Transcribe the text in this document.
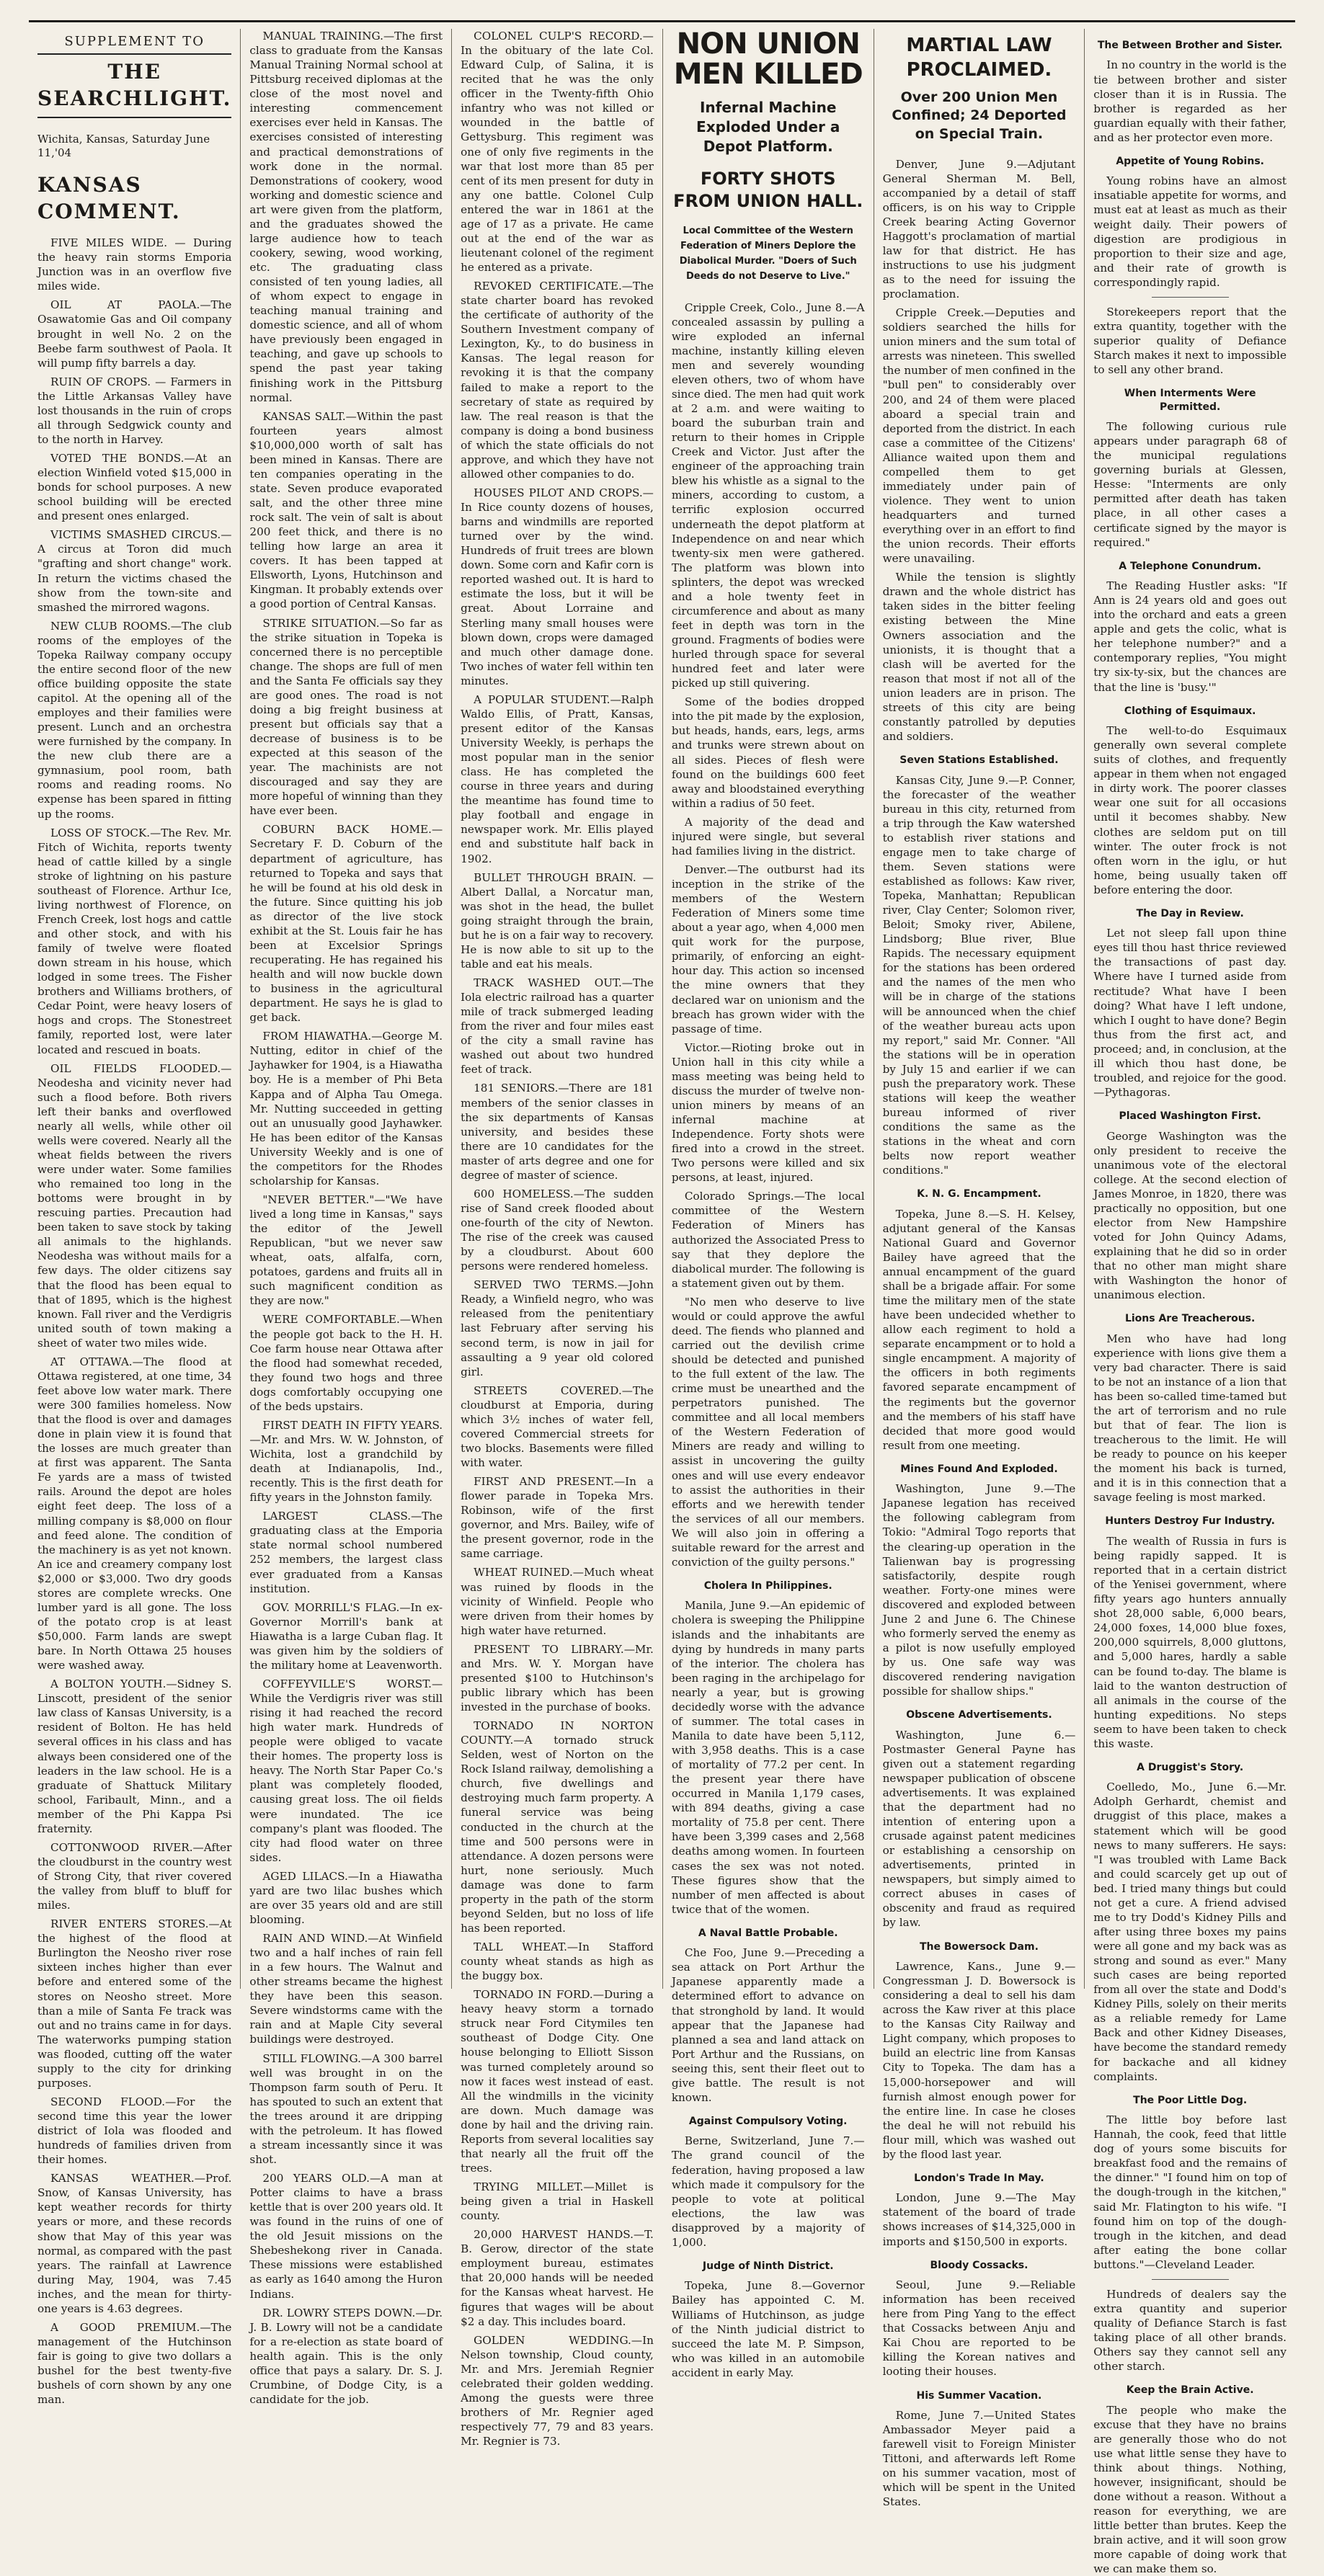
SUPPLEMENT TO
THE SEARCHLIGHT.
Wichita, Kansas, Saturday June 11,'04
KANSAS COMMENT.

FIVE MILES WIDE. — During the heavy rain storms Emporia Junction was in an overflow five miles wide.

OIL AT PAOLA.—The Osawatomie Gas and Oil company brought in well No. 2 on the Beebe farm southwest of Paola. It will pump fifty barrels a day.

RUIN OF CROPS. — Farmers in the Little Arkansas Valley have lost thousands in the ruin of crops all through Sedgwick county and to the north in Harvey.

VOTED THE BONDS.—At an election Winfield voted $15,000 in bonds for school purposes. A new school building will be erected and present ones enlarged.

VICTIMS SMASHED CIRCUS.—A circus at Toron did much "grafting and short change" work. In return the victims chased the show from the town-site and smashed the mirrored wagons.

NEW CLUB ROOMS.—The club rooms of the employes of the Topeka Railway company occupy the entire second floor of the new office building opposite the state capitol. At the opening all of the employes and their families were present. Lunch and an orchestra were furnished by the company. In the new club there are a gymnasium, pool room, bath rooms and reading rooms. No expense has been spared in fitting up the rooms.

LOSS OF STOCK.—The Rev. Mr. Fitch of Wichita, reports twenty head of cattle killed by a single stroke of lightning on his pasture southeast of Florence. Arthur Ice, living northwest of Florence, on French Creek, lost hogs and cattle and other stock, and with his family of twelve were floated down stream in his house, which lodged in some trees. The Fisher brothers and Williams brothers, of Cedar Point, were heavy losers of hogs and crops. The Stonestreet family, reported lost, were later located and rescued in boats.

OIL FIELDS FLOODED.—Neodesha and vicinity never had such a flood before. Both rivers left their banks and overflowed nearly all wells, while other oil wells were covered. Nearly all the wheat fields between the rivers were under water. Some families who remained too long in the bottoms were brought in by rescuing parties. Precaution had been taken to save stock by taking all animals to the highlands. Neodesha was without mails for a few days. The older citizens say that the flood has been equal to that of 1895, which is the highest known. Fall river and the Verdigris united south of town making a sheet of water two miles wide.

AT OTTAWA.—The flood at Ottawa registered, at one time, 34 feet above low water mark. There were 300 families homeless. Now that the flood is over and damages done in plain view it is found that the losses are much greater than at first was apparent. The Santa Fe yards are a mass of twisted rails. Around the depot are holes eight feet deep. The loss of a milling company is $8,000 on flour and feed alone. The condition of the machinery is as yet not known. An ice and creamery company lost $2,000 or $3,000. Two dry goods stores are complete wrecks. One lumber yard is all gone. The loss of the potato crop is at least $50,000. Farm lands are swept bare. In North Ottawa 25 houses were washed away.

A BOLTON YOUTH.—Sidney S. Linscott, president of the senior law class of Kansas University, is a resident of Bolton. He has held several offices in his class and has always been considered one of the leaders in the law school. He is a graduate of Shattuck Military school, Faribault, Minn., and a member of the Phi Kappa Psi fraternity.

COTTONWOOD RIVER.—After the cloudburst in the country west of Strong City, that river covered the valley from bluff to bluff for miles.

RIVER ENTERS STORES.—At the highest of the flood at Burlington the Neosho river rose sixteen inches higher than ever before and entered some of the stores on Neosho street. More than a mile of Santa Fe track was out and no trains came in for days. The waterworks pumping station was flooded, cutting off the water supply to the city for drinking purposes.

SECOND FLOOD.—For the second time this year the lower district of Iola was flooded and hundreds of families driven from their homes.

KANSAS WEATHER.—Prof. Snow, of Kansas University, has kept weather records for thirty years or more, and these records show that May of this year was normal, as compared with the past years. The rainfall at Lawrence during May, 1904, was 7.45 inches, and the mean for thirty-one years is 4.63 degrees.

A GOOD PREMIUM.—The management of the Hutchinson fair is going to give two dollars a bushel for the best twenty-five bushels of corn shown by any one man.

MANUAL TRAINING.—The first class to graduate from the Kansas Manual Training Normal school at Pittsburg received diplomas at the close of the most novel and interesting commencement exercises ever held in Kansas. The exercises consisted of interesting and practical demonstrations of work done in the normal. Demonstrations of cookery, wood working and domestic science and art were given from the platform, and the graduates showed the large audience how to teach cookery, sewing, wood working, etc. The graduating class consisted of ten young ladies, all of whom expect to engage in teaching manual training and domestic science, and all of whom have previously been engaged in teaching, and gave up schools to spend the past year taking finishing work in the Pittsburg normal.

KANSAS SALT.—Within the past fourteen years almost $10,000,000 worth of salt has been mined in Kansas. There are ten companies operating in the state. Seven produce evaporated salt, and the other three mine rock salt. The vein of salt is about 200 feet thick, and there is no telling how large an area it covers. It has been tapped at Ellsworth, Lyons, Hutchinson and Kingman. It probably extends over a good portion of Central Kansas.

STRIKE SITUATION.—So far as the strike situation in Topeka is concerned there is no perceptible change. The shops are full of men and the Santa Fe officials say they are good ones. The road is not doing a big freight business at present but officials say that a decrease of business is to be expected at this season of the year. The machinists are not discouraged and say they are more hopeful of winning than they have ever been.

COBURN BACK HOME.—Secretary F. D. Coburn of the department of agriculture, has returned to Topeka and says that he will be found at his old desk in the future. Since quitting his job as director of the live stock exhibit at the St. Louis fair he has been at Excelsior Springs recuperating. He has regained his health and will now buckle down to business in the agricultural department. He says he is glad to get back.

FROM HIAWATHA.—George M. Nutting, editor in chief of the Jayhawker for 1904, is a Hiawatha boy. He is a member of Phi Beta Kappa and of Alpha Tau Omega. Mr. Nutting succeeded in getting out an unusually good Jayhawker. He has been editor of the Kansas University Weekly and is one of the competitors for the Rhodes scholarship for Kansas.

"NEVER BETTER."—"We have lived a long time in Kansas," says the editor of the Jewell Republican, "but we never saw wheat, oats, alfalfa, corn, potatoes, gardens and fruits all in such magnificent condition as they are now."

WERE COMFORTABLE.—When the people got back to the H. H. Coe farm house near Ottawa after the flood had somewhat receded, they found two hogs and three dogs comfortably occupying one of the beds upstairs.

FIRST DEATH IN FIFTY YEARS.—Mr. and Mrs. W. W. Johnston, of Wichita, lost a grandchild by death at Indianapolis, Ind., recently. This is the first death for fifty years in the Johnston family.

LARGEST CLASS.—The graduating class at the Emporia state normal school numbered 252 members, the largest class ever graduated from a Kansas institution.

GOV. MORRILL'S FLAG.—In ex-Governor Morrill's bank at Hiawatha is a large Cuban flag. It was given him by the soldiers of the military home at Leavenworth.

COFFEYVILLE'S WORST.—While the Verdigris river was still rising it had reached the record high water mark. Hundreds of people were obliged to vacate their homes. The property loss is heavy. The North Star Paper Co.'s plant was completely flooded, causing great loss. The oil fields were inundated. The ice company's plant was flooded. The city had flood water on three sides.

AGED LILACS.—In a Hiawatha yard are two lilac bushes which are over 35 years old and are still blooming.

RAIN AND WIND.—At Winfield two and a half inches of rain fell in a few hours. The Walnut and other streams became the highest they have been this season. Severe windstorms came with the rain and at Maple City several buildings were destroyed.

STILL FLOWING.—A 300 barrel well was brought in on the Thompson farm south of Peru. It has spouted to such an extent that the trees around it are dripping with the petroleum. It has flowed a stream incessantly since it was shot.

200 YEARS OLD.—A man at Potter claims to have a brass kettle that is over 200 years old. It was found in the ruins of one of the old Jesuit missions on the Shebeshekong river in Canada. These missions were established as early as 1640 among the Huron Indians.

DR. LOWRY STEPS DOWN.—Dr. J. B. Lowry will not be a candidate for a re-election as state board of health again. This is the only office that pays a salary. Dr. S. J. Crumbine, of Dodge City, is a candidate for the job.

COLONEL CULP'S RECORD.—In the obituary of the late Col. Edward Culp, of Salina, it is recited that he was the only officer in the Twenty-fifth Ohio infantry who was not killed or wounded in the battle of Gettysburg. This regiment was one of only five regiments in the war that lost more than 85 per cent of its men present for duty in any one battle. Colonel Culp entered the war in 1861 at the age of 17 as a private. He came out at the end of the war as lieutenant colonel of the regiment he entered as a private.

REVOKED CERTIFICATE.—The state charter board has revoked the certificate of authority of the Southern Investment company of Lexington, Ky., to do business in Kansas. The legal reason for revoking it is that the company failed to make a report to the secretary of state as required by law. The real reason is that the company is doing a bond business of which the state officials do not approve, and which they have not allowed other companies to do.

HOUSES PILOT AND CROPS.—In Rice county dozens of houses, barns and windmills are reported turned over by the wind. Hundreds of fruit trees are blown down. Some corn and Kafir corn is reported washed out. It is hard to estimate the loss, but it will be great. About Lorraine and Sterling many small houses were blown down, crops were damaged and much other damage done. Two inches of water fell within ten minutes.

A POPULAR STUDENT.—Ralph Waldo Ellis, of Pratt, Kansas, present editor of the Kansas University Weekly, is perhaps the most popular man in the senior class. He has completed the course in three years and during the meantime has found time to play football and engage in newspaper work. Mr. Ellis played end and substitute half back in 1902.

BULLET THROUGH BRAIN. — Albert Dallal, a Norcatur man, was shot in the head, the bullet going straight through the brain, but he is on a fair way to recovery. He is now able to sit up to the table and eat his meals.

TRACK WASHED OUT.—The Iola electric railroad has a quarter mile of track submerged leading from the river and four miles east of the city a small ravine has washed out about two hundred feet of track.

181 SENIORS.—There are 181 members of the senior classes in the six departments of Kansas university, and besides these there are 10 candidates for the master of arts degree and one for degree of master of science.

600 HOMELESS.—The sudden rise of Sand creek flooded about one-fourth of the city of Newton. The rise of the creek was caused by a cloudburst. About 600 persons were rendered homeless.

SERVED TWO TERMS.—John Ready, a Winfield negro, who was released from the penitentiary last February after serving his second term, is now in jail for assaulting a 9 year old colored girl.

STREETS COVERED.—The cloudburst at Emporia, during which 3½ inches of water fell, covered Commercial streets for two blocks. Basements were filled with water.

FIRST AND PRESENT.—In a flower parade in Topeka Mrs. Robinson, wife of the first governor, and Mrs. Bailey, wife of the present governor, rode in the same carriage.

WHEAT RUINED.—Much wheat was ruined by floods in the vicinity of Winfield. People who were driven from their homes by high water have returned.

PRESENT TO LIBRARY.—Mr. and Mrs. W. Y. Morgan have presented $100 to Hutchinson's public library which has been invested in the purchase of books.

TORNADO IN NORTON COUNTY.—A tornado struck Selden, west of Norton on the Rock Island railway, demolishing a church, five dwellings and destroying much farm property. A funeral service was being conducted in the church at the time and 500 persons were in attendance. A dozen persons were hurt, none seriously. Much damage was done to farm property in the path of the storm beyond Selden, but no loss of life has been reported.

TALL WHEAT.—In Stafford county wheat stands as high as the buggy box.

TORNADO IN FORD.—During a heavy heavy storm a tornado struck near Ford Citymiles ten southeast of Dodge City. One house belonging to Elliott Sisson was turned completely around so now it faces west instead of east. All the windmills in the vicinity are down. Much damage was done by hail and the driving rain. Reports from several localities say that nearly all the fruit off the trees.

TRYING MILLET.—Millet is being given a trial in Haskell county.

20,000 HARVEST HANDS.—T. B. Gerow, director of the state employment bureau, estimates that 20,000 hands will be needed for the Kansas wheat harvest. He figures that wages will be about $2 a day. This includes board.

GOLDEN WEDDING.—In Nelson township, Cloud county, Mr. and Mrs. Jeremiah Regnier celebrated their golden wedding. Among the guests were three brothers of Mr. Regnier aged respectively 77, 79 and 83 years. Mr. Regnier is 73.

NON UNION MEN KILLED
Infernal Machine Exploded Under a Depot Platform.
FORTY SHOTS FROM UNION HALL.
Local Committee of the Western Federation of Miners Deplore the Diabolical Murder. "Doers of Such Deeds do not Deserve to Live."

Cripple Creek, Colo., June 8.—A concealed assassin by pulling a wire exploded an infernal machine, instantly killing eleven men and severely wounding eleven others, two of whom have since died. The men had quit work at 2 a.m. and were waiting to board the suburban train and return to their homes in Cripple Creek and Victor. Just after the engineer of the approaching train blew his whistle as a signal to the miners, according to custom, a terrific explosion occurred underneath the depot platform at Independence on and near which twenty-six men were gathered. The platform was blown into splinters, the depot was wrecked and a hole twenty feet in circumference and about as many feet in depth was torn in the ground. Fragments of bodies were hurled through space for several hundred feet and later were picked up still quivering.

Some of the bodies dropped into the pit made by the explosion, but heads, hands, ears, legs, arms and trunks were strewn about on all sides. Pieces of flesh were found on the buildings 600 feet away and bloodstained everything within a radius of 50 feet.

A majority of the dead and injured were single, but several had families living in the district.

Denver.—The outburst had its inception in the strike of the members of the Western Federation of Miners some time about a year ago, when 4,000 men quit work for the purpose, primarily, of enforcing an eight-hour day. This action so incensed the mine owners that they declared war on unionism and the breach has grown wider with the passage of time.

Victor.—Rioting broke out in Union hall in this city while a mass meeting was being held to discuss the murder of twelve non-union miners by means of an infernal machine at Independence. Forty shots were fired into a crowd in the street. Two persons were killed and six persons, at least, injured.

Colorado Springs.—The local committee of the Western Federation of Miners has authorized the Associated Press to say that they deplore the diabolical murder. The following is a statement given out by them.

"No men who deserve to live would or could approve the awful deed. The fiends who planned and carried out the devilish crime should be detected and punished to the full extent of the law. The crime must be unearthed and the perpetrators punished. The committee and all local members of the Western Federation of Miners are ready and willing to assist in uncovering the guilty ones and will use every endeavor to assist the authorities in their efforts and we herewith tender the services of all our members. We will also join in offering a suitable reward for the arrest and conviction of the guilty persons."

Cholera In Philippines.

Manila, June 9.—An epidemic of cholera is sweeping the Philippine islands and the inhabitants are dying by hundreds in many parts of the interior. The cholera has been raging in the archipelago for nearly a year, but is growing decidedly worse with the advance of summer. The total cases in Manila to date have been 5,112, with 3,958 deaths. This is a case of mortality of 77.2 per cent. In the present year there have occurred in Manila 1,179 cases, with 894 deaths, giving a case mortality of 75.8 per cent. There have been 3,399 cases and 2,568 deaths among women. In fourteen cases the sex was not noted. These figures show that the number of men affected is about twice that of the women.

A Naval Battle Probable.

Che Foo, June 9.—Preceding a sea attack on Port Arthur the Japanese apparently made a determined effort to advance on that stronghold by land. It would appear that the Japanese had planned a sea and land attack on Port Arthur and the Russians, on seeing this, sent their fleet out to give battle. The result is not known.

Against Compulsory Voting.

Berne, Switzerland, June 7.—The grand council of the federation, having proposed a law which made it compulsory for the people to vote at political elections, the law was disapproved by a majority of 1,000.

Judge of Ninth District.

Topeka, June 8.—Governor Bailey has appointed C. M. Williams of Hutchinson, as judge of the Ninth judicial district to succeed the late M. P. Simpson, who was killed in an automobile accident in early May.

MARTIAL LAW PROCLAIMED.
Over 200 Union Men Confined; 24 Deported on Special Train.

Denver, June 9.—Adjutant General Sherman M. Bell, accompanied by a detail of staff officers, is on his way to Cripple Creek bearing Acting Governor Haggott's proclamation of martial law for that district. He has instructions to use his judgment as to the need for issuing the proclamation.

Cripple Creek.—Deputies and soldiers searched the hills for union miners and the sum total of arrests was nineteen. This swelled the number of men confined in the "bull pen" to considerably over 200, and 24 of them were placed aboard a special train and deported from the district. In each case a committee of the Citizens' Alliance waited upon them and compelled them to get immediately under pain of violence. They went to union headquarters and turned everything over in an effort to find the union records. Their efforts were unavailing.

While the tension is slightly drawn and the whole district has taken sides in the bitter feeling existing between the Mine Owners association and the unionists, it is thought that a clash will be averted for the reason that most if not all of the union leaders are in prison. The streets of this city are being constantly patrolled by deputies and soldiers.

Seven Stations Established.

Kansas City, June 9.—P. Conner, the forecaster of the weather bureau in this city, returned from a trip through the Kaw watershed to establish river stations and engage men to take charge of them. Seven stations were established as follows: Kaw river, Topeka, Manhattan; Republican river, Clay Center; Solomon river, Beloit; Smoky river, Abilene, Lindsborg; Blue river, Blue Rapids. The necessary equipment for the stations has been ordered and the names of the men who will be in charge of the stations will be announced when the chief of the weather bureau acts upon my report," said Mr. Conner. "All the stations will be in operation by July 15 and earlier if we can push the preparatory work. These stations will keep the weather bureau informed of river conditions the same as the stations in the wheat and corn belts now report weather conditions."

K. N. G. Encampment.

Topeka, June 8.—S. H. Kelsey, adjutant general of the Kansas National Guard and Governor Bailey have agreed that the annual encampment of the guard shall be a brigade affair. For some time the military men of the state have been undecided whether to allow each regiment to hold a separate encampment or to hold a single encampment. A majority of the officers in both regiments favored separate encampment of the regiments but the governor and the members of his staff have decided that more good would result from one meeting.

Mines Found And Exploded.

Washington, June 9.—The Japanese legation has received the following cablegram from Tokio: "Admiral Togo reports that the clearing-up operation in the Talienwan bay is progressing satisfactorily, despite rough weather. Forty-one mines were discovered and exploded between June 2 and June 6. The Chinese who formerly served the enemy as a pilot is now usefully employed by us. One safe way was discovered rendering navigation possible for shallow ships."

Obscene Advertisements.

Washington, June 6.—Postmaster General Payne has given out a statement regarding newspaper publication of obscene advertisements. It was explained that the department had no intention of entering upon a crusade against patent medicines or establishing a censorship on advertisements, printed in newspapers, but simply aimed to correct abuses in cases of obscenity and fraud as required by law.

The Bowersock Dam.

Lawrence, Kans., June 9.—Congressman J. D. Bowersock is considering a deal to sell his dam across the Kaw river at this place to the Kansas City Railway and Light company, which proposes to build an electric line from Kansas City to Topeka. The dam has a 15,000-horsepower and will furnish almost enough power for the entire line. In case he closes the deal he will not rebuild his flour mill, which was washed out by the flood last year.

London's Trade In May.

London, June 9.—The May statement of the board of trade shows increases of $14,325,000 in imports and $150,500 in exports.

Bloody Cossacks.

Seoul, June 9.—Reliable information has been received here from Ping Yang to the effect that Cossacks between Anju and Kai Chou are reported to be killing the Korean natives and looting their houses.

His Summer Vacation.

Rome, June 7.—United States Ambassador Meyer paid a farewell visit to Foreign Minister Tittoni, and afterwards left Rome on his summer vacation, most of which will be spent in the United States.

The Between Brother and Sister.

In no country in the world is the tie between brother and sister closer than it is in Russia. The brother is regarded as her guardian equally with their father, and as her protector even more.

Appetite of Young Robins.

Young robins have an almost insatiable appetite for worms, and must eat at least as much as their weight daily. Their powers of digestion are prodigious in proportion to their size and age, and their rate of growth is correspondingly rapid.

Storekeepers report that the extra quantity, together with the superior quality of Defiance Starch makes it next to impossible to sell any other brand.

When Interments Were Permitted.

The following curious rule appears under paragraph 68 of the municipal regulations governing burials at Glessen, Hesse: "Interments are only permitted after death has taken place, in all other cases a certificate signed by the mayor is required."

A Telephone Conundrum.

The Reading Hustler asks: "If Ann is 24 years old and goes out into the orchard and eats a green apple and gets the colic, what is her telephone number?" and a contemporary replies, "You might try six-ty-six, but the chances are that the line is 'busy.'"

Clothing of Esquimaux.

The well-to-do Esquimaux generally own several complete suits of clothes, and frequently appear in them when not engaged in dirty work. The poorer classes wear one suit for all occasions until it becomes shabby. New clothes are seldom put on till winter. The outer frock is not often worn in the iglu, or hut home, being usually taken off before entering the door.

The Day in Review.

Let not sleep fall upon thine eyes till thou hast thrice reviewed the transactions of past day. Where have I turned aside from rectitude? What have I been doing? What have I left undone, which I ought to have done? Begin thus from the first act, and proceed; and, in conclusion, at the ill which thou hast done, be troubled, and rejoice for the good.—Pythagoras.

Placed Washington First.

George Washington was the only president to receive the unanimous vote of the electoral college. At the second election of James Monroe, in 1820, there was practically no opposition, but one elector from New Hampshire voted for John Quincy Adams, explaining that he did so in order that no other man might share with Washington the honor of unanimous election.

Lions Are Treacherous.

Men who have had long experience with lions give them a very bad character. There is said to be not an instance of a lion that has been so-called time-tamed but the art of terrorism and no rule but that of fear. The lion is treacherous to the limit. He will be ready to pounce on his keeper the moment his back is turned, and it is in this connection that a savage feeling is most marked.

Hunters Destroy Fur Industry.

The wealth of Russia in furs is being rapidly sapped. It is reported that in a certain district of the Yenisei government, where fifty years ago hunters annually shot 28,000 sable, 6,000 bears, 24,000 foxes, 14,000 blue foxes, 200,000 squirrels, 8,000 gluttons, and 5,000 hares, hardly a sable can be found to-day. The blame is laid to the wanton destruction of all animals in the course of the hunting expeditions. No steps seem to have been taken to check this waste.

A Druggist's Story.

Coelledo, Mo., June 6.—Mr. Adolph Gerhardt, chemist and druggist of this place, makes a statement which will be good news to many sufferers. He says: "I was troubled with Lame Back and could scarcely get up out of bed. I tried many things but could not get a cure. A friend advised me to try Dodd's Kidney Pills and after using three boxes my pains were all gone and my back was as strong and sound as ever." Many such cases are being reported from all over the state and Dodd's Kidney Pills, solely on their merits as a reliable remedy for Lame Back and other Kidney Diseases, have become the standard remedy for backache and all kidney complaints.

The Poor Little Dog.

The little boy before last Hannah, the cook, feed that little dog of yours some biscuits for breakfast food and the remains of the dinner." "I found him on top of the dough-trough in the kitchen," said Mr. Flatington to his wife. "I found him on top of the dough-trough in the kitchen, and dead after eating the bone collar buttons."—Cleveland Leader.

Hundreds of dealers say the extra quantity and superior quality of Defiance Starch is fast taking place of all other brands. Others say they cannot sell any other starch.

Keep the Brain Active.

The people who make the excuse that they have no brains are generally those who do not use what little sense they have to think about things. Nothing, however, insignificant, should be done without a reason. Without a reason for everything, we are little better than brutes. Keep the brain active, and it will soon grow more capable of doing work that we can make them so.
